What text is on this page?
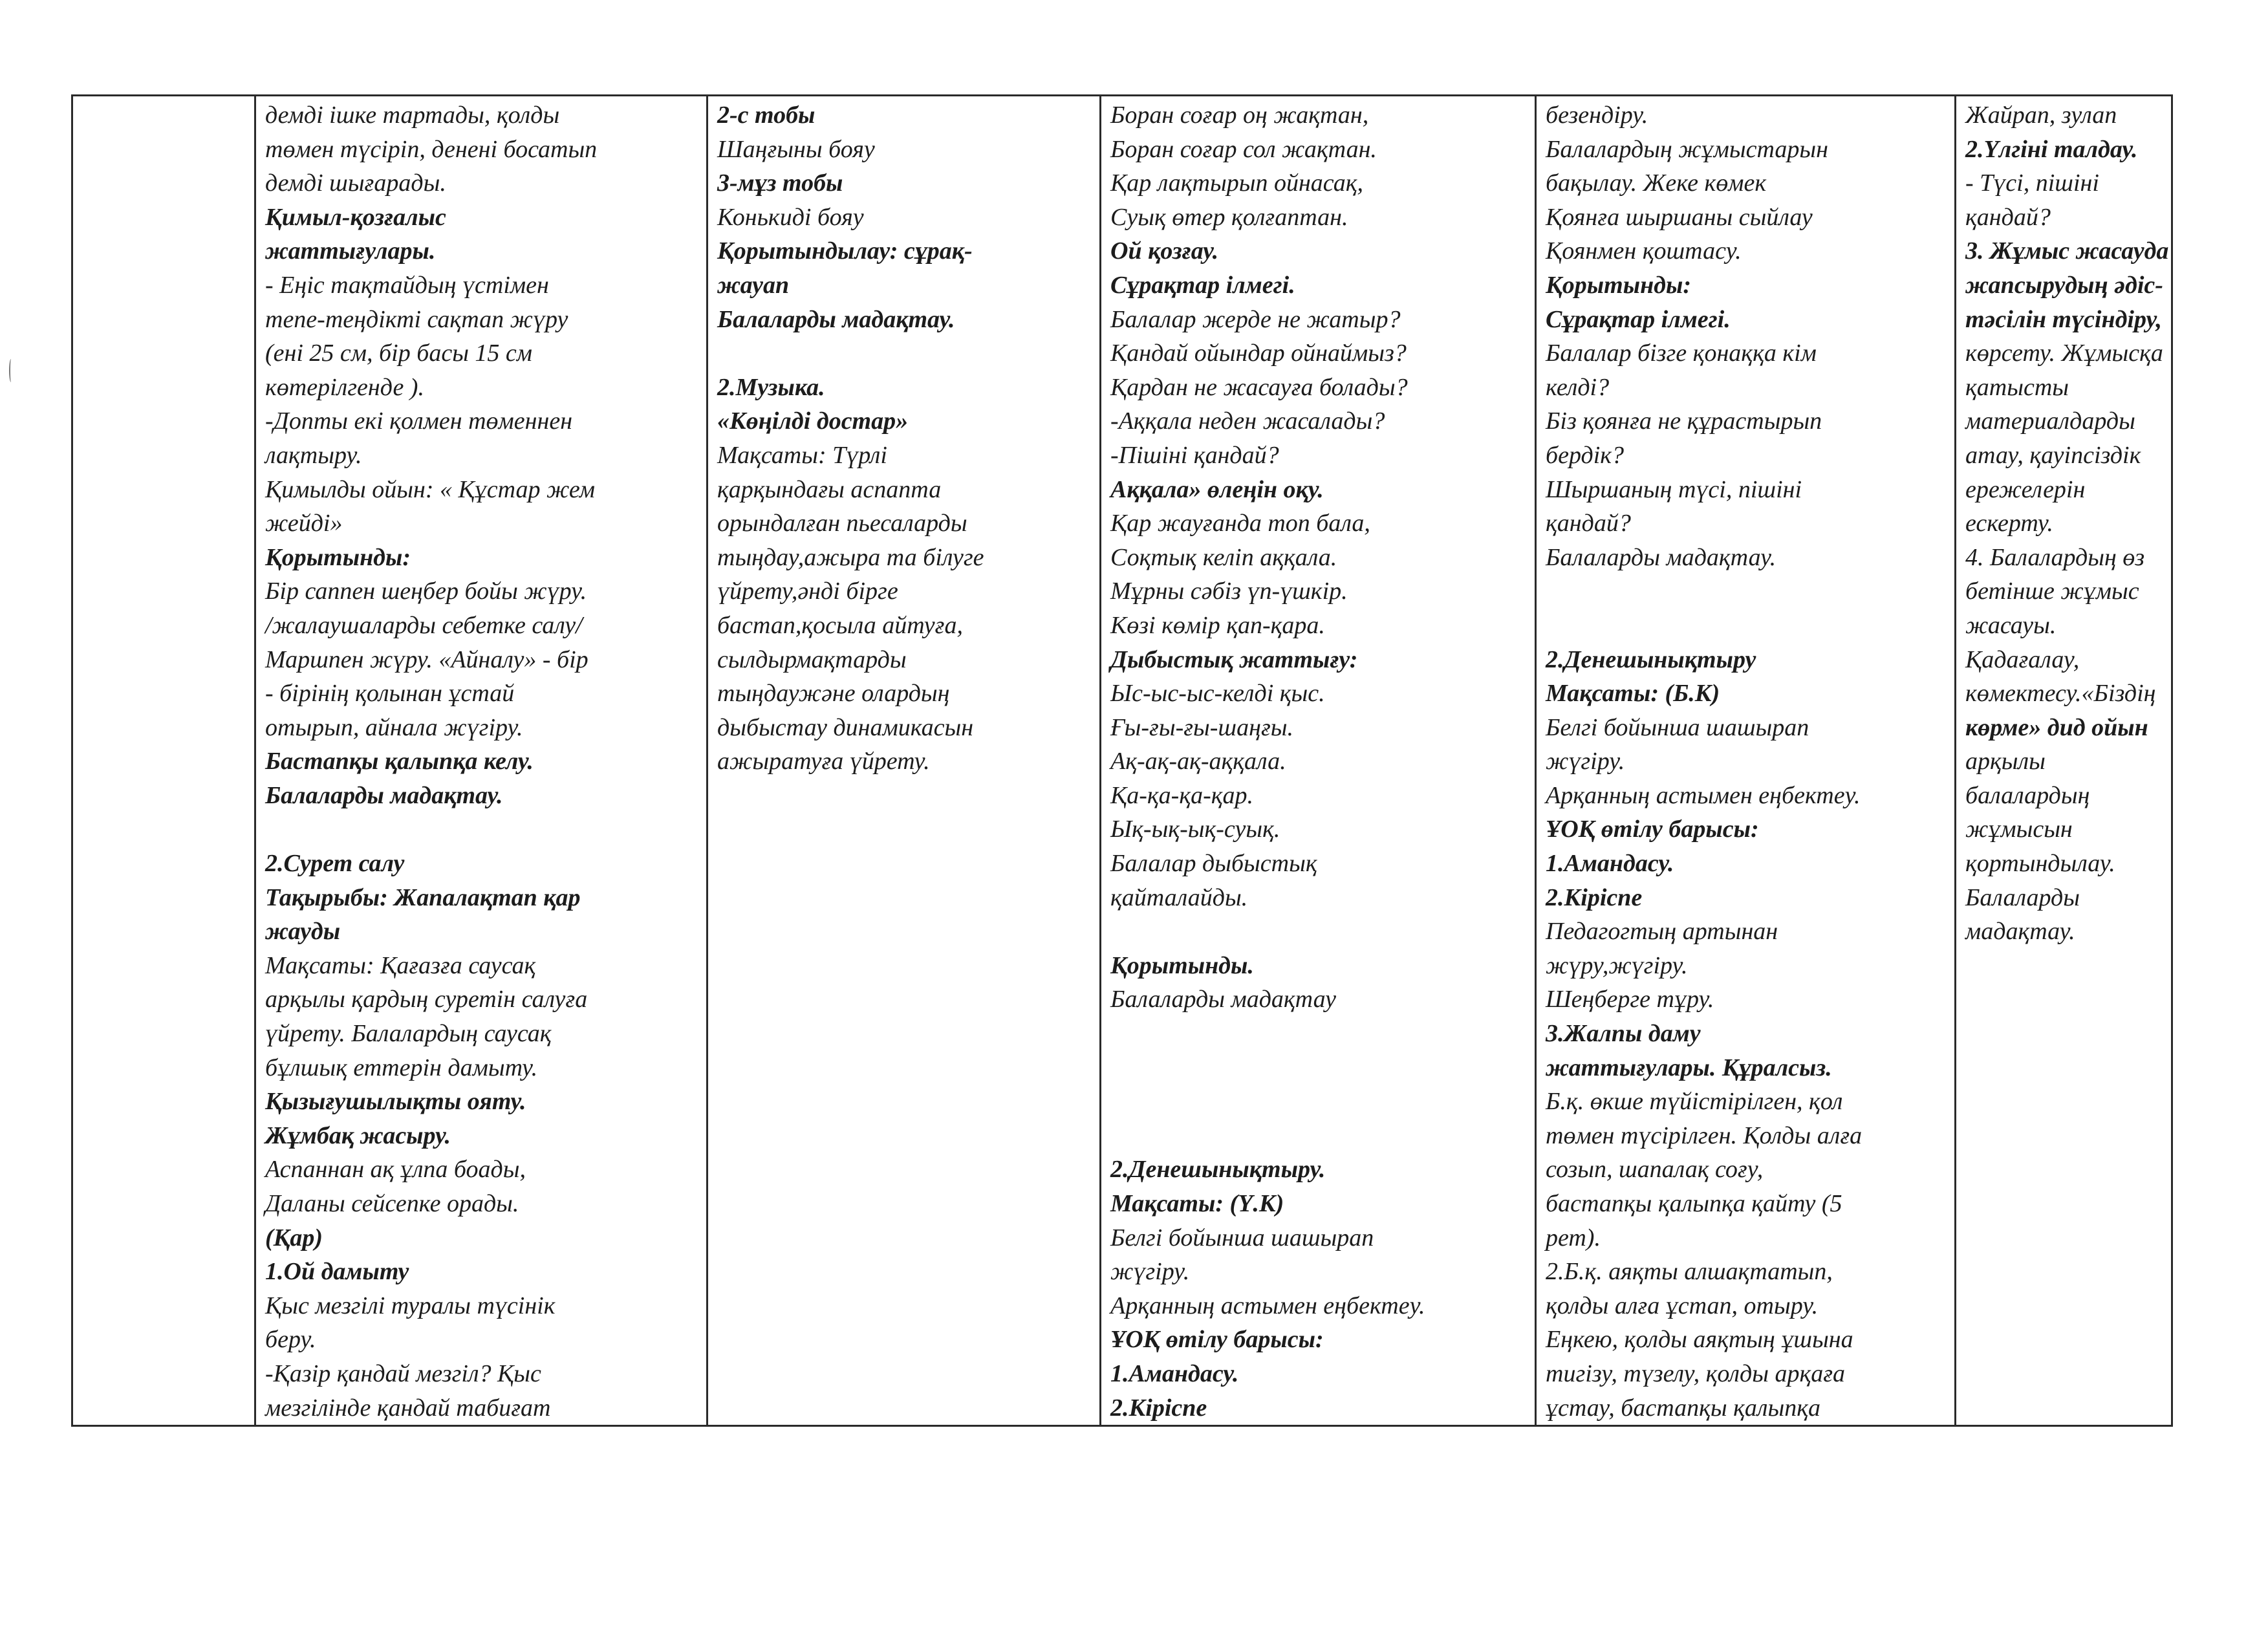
демді ішке тартады, қолды
төмен түсіріп, денені босатып
демді шығарады.
Қимыл-қозғалыс
жаттығулары.
- Еңіс тақтайдың үстімен
тепе-теңдікті сақтап жүру
(ені 25 см, бір басы 15 см
көтерілгенде ).
-Допты екі қолмен төменнен
лақтыру.
Қимылды ойын: « Құстар жем
жейді»
Қорытынды:
Бір саппен шеңбер бойы жүру.
/жалаушаларды себетке салу/
Маршпен жүру. «Айналу» - бір
- бірінің қолынан ұстай
отырып, айнала жүгіру.
Бастапқы қалыпқа келу.
Балаларды мадақтау.
2.Сурет салу
Тақырыбы: Жапалақтап қар
жауды
Мақсаты: Қағазға саусақ
арқылы қардың суретін салуға
үйрету. Балалардың саусақ
бұлшық еттерін дамыту.
Қызығушылықты ояту.
Жұмбақ жасыру.
Аспаннан ақ ұлпа боады,
Даланы сейсепке орады.
(Қар)
1.Ой дамыту
Қыс мезгілі туралы түсінік
беру.
-Қазір қандай мезгіл? Қыс
мезгілінде қандай табиғат
2-с тобы
Шаңғыны бояу
3-мұз тобы
Конькиді бояу
Қорытындылау: сұрақ-
жауап
Балаларды мадақтау.
2.Музыка.
«Көңілді достар»
Мақсаты: Түрлі
қарқындағы аспапта
орындалған пьесаларды
тыңдау,ажыра та білуге
үйрету,әнді бірге
бастап,қосыла айтуға,
сылдырмақтарды
тыңдаужәне олардың
дыбыстау динамикасын
ажыратуға үйрету.
Боран соғар оң жақтан,
Боран соғар сол жақтан.
Қар лақтырып ойнасақ,
Суық өтер қолғаптан.
Ой қозғау.
Сұрақтар ілмегі.
Балалар жерде не жатыр?
Қандай ойындар ойнаймыз?
Қардан не жасауға болады?
-Аққала неден жасалады?
-Пішіні қандай?
Аққала» өлеңін оқу.
Қар жауғанда топ бала,
Соқтық келіп аққала.
Мұрны сәбіз үп-үшкір.
Көзі көмір қап-қара.
Дыбыстық жаттығу:
Ыс-ыс-ыс-келді қыс.
Ғы-ғы-ғы-шаңғы.
Ақ-ақ-ақ-аққала.
Қа-қа-қа-қар.
Ық-ық-ық-суық.
Балалар дыбыстық
қайталайды.
Қорытынды.
Балаларды мадақтау
2.Денешынықтыру.
Мақсаты: (Ү.К)
Белгі бойынша шашырап
жүгіру.
Арқанның астымен еңбектеу.
ҰОҚ өтілу барысы:
1.Амандасу.
2.Кіріспе
безендіру.
Балалардың жұмыстарын
бақылау. Жеке көмек
Қоянға шыршаны сыйлау
Қоянмен қоштасу.
Қорытынды:
Сұрақтар ілмегі.
Балалар бізге қонаққа кім
келді?
Біз қоянға не құрастырып
бердік?
Шыршаның түсі, пішіні
қандай?
Балаларды мадақтау.
2.Денешынықтыру
Мақсаты: (Б.К)
Белгі бойынша шашырап
жүгіру.
Арқанның астымен еңбектеу.
ҰОҚ өтілу барысы:
1.Амандасу.
2.Кіріспе
Педагогтың артынан
жүру,жүгіру.
Шеңберге тұру.
3.Жалпы даму
жаттығулары. Құралсыз.
Б.қ. өкше түйістірілген, қол
төмен түсірілген. Қолды алға
созып, шапалақ соғу,
бастапқы қалыпқа қайту (5
рет).
2.Б.қ. аяқты алшақтатып,
қолды алға ұстап, отыру.
Еңкею, қолды аяқтың ұшына
тигізу, түзелу, қолды арқаға
ұстау, бастапқы қалыпқа
Жайрап, зулап
2.Үлгіні талдау.
- Түсі, пішіні
қандай?
3. Жұмыс жасауда
жапсырудың әдіс-
тәсілін түсіндіру,
көрсету. Жұмысқа
қатысты
материалдарды
атау, қауіпсіздік
ережелерін
ескерту.
4. Балалардың өз
бетінше жұмыс
жасауы.
Қадағалау,
көмектесу.«Біздің
көрме» дид ойын
арқылы
балалардың
жұмысын
қортындылау.
Балаларды
мадақтау.
